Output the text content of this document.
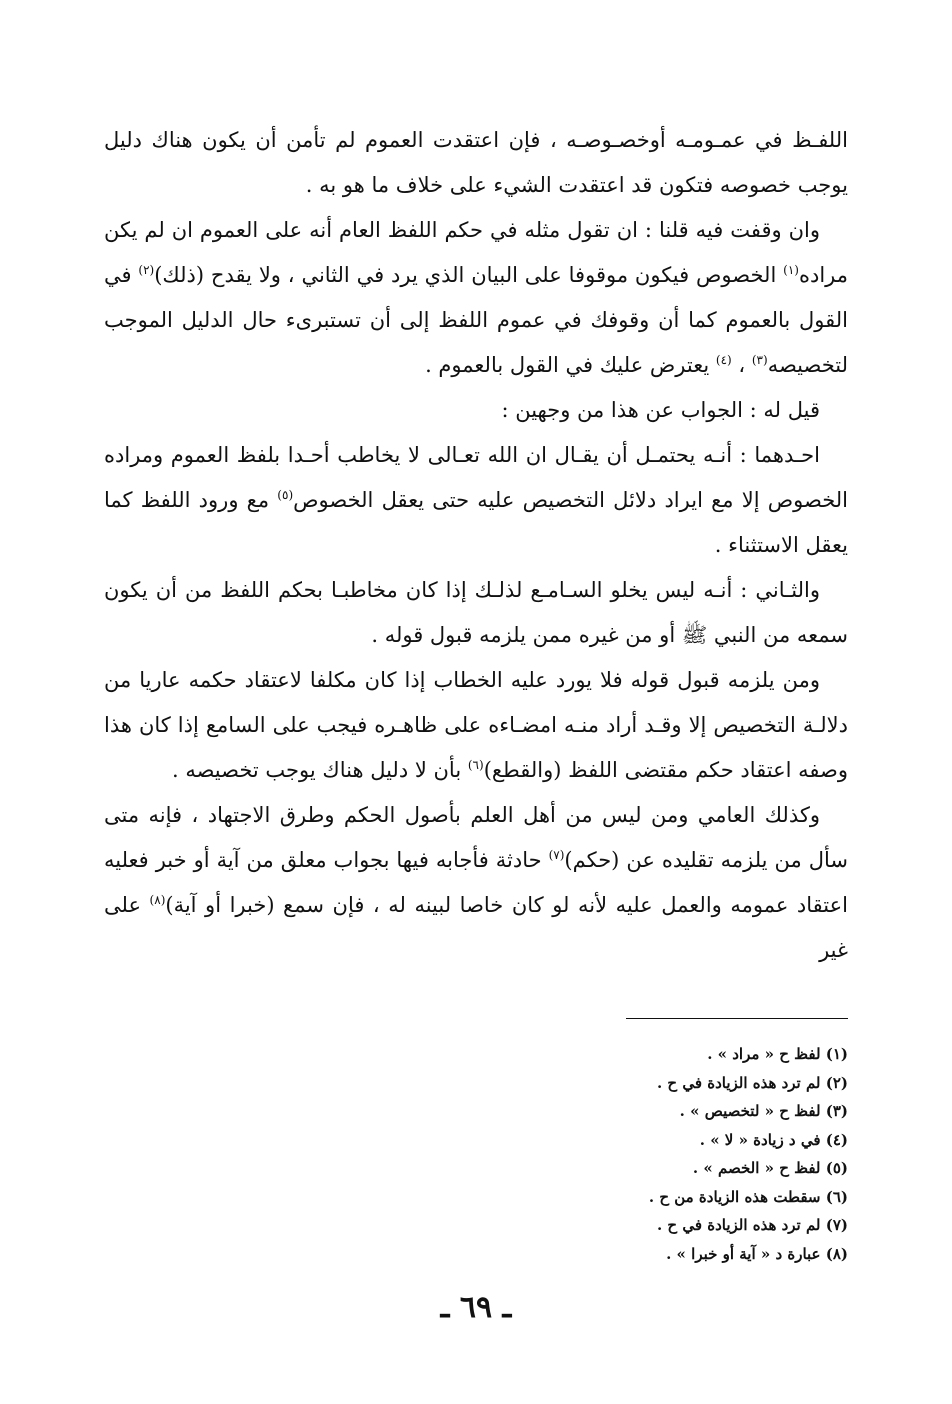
اللفـظ في عمـومـه أوخصـوصـه ، فإن اعتقدت العموم لم تأمن أن يكون هناك دليل يوجب خصوصه فتكون قد اعتقدت الشيء على خلاف ما هو به .

وان وقفت فيه قلنا : ان تقول مثله في حكم اللفظ العام أنه على العموم ان لم يكن مراده$^{(١)}$ الخصوص فيكون موقوفا على البيان الذي يرد في الثاني ، ولا يقدح (ذلك)$^{(٢)}$ في القول بالعموم كما أن وقوفك في عموم اللفظ إلى أن تستبرىء حال الدليل الموجب لتخصيصه$^{(٣)}$ ، $^{(٤)}$ يعترض عليك في القول بالعموم .

قيل له : الجواب عن هذا من وجهين :

احـدهما : أنـه يحتمـل أن يقـال ان الله تعـالى لا يخاطب أحـدا بلفظ العموم ومراده الخصوص إلا مع ايراد دلائل التخصيص عليه حتى يعقل الخصوص$^{(٥)}$ مع ورود اللفظ كما يعقل الاستثناء .

والثـاني : أنـه ليس يخلو السـامـع لذلـك إذا كان مخاطبـا بحكم اللفظ من أن يكون سمعه من النبي ﷺ أو من غيره ممن يلزمه قبول قوله .

ومن يلزمه قبول قوله فلا يورد عليه الخطاب إذا كان مكلفا لاعتقاد حكمه عاريا من دلالـة التخصيص إلا وقـد أراد منـه امضـاءه على ظاهـره فيجب على السامع إذا كان هذا وصفه اعتقاد حكم مقتضى اللفظ (والقطع)$^{(٦)}$ بأن لا دليل هناك يوجب تخصيصه .

وكذلك العامي ومن ليس من أهل العلم بأصول الحكم وطرق الاجتهاد ، فإنه متى سأل من يلزمه تقليده عن (حكم)$^{(٧)}$ حادثة فأجابه فيها بجواب معلق من آية أو خبر فعليه اعتقاد عمومه والعمل عليه لأنه لو كان خاصا لبينه له ، فإن سمع (خبرا أو آية)$^{(٨)}$ على غير

(١) لفظ ح « مراد » .
(٢) لم ترد هذه الزيادة في ح .
(٣) لفظ ح « لتخصيص » .
(٤) في د زيادة « لا » .
(٥) لفظ ح « الخصم » .
(٦) سقطت هذه الزيادة من ح .
(٧) لم ترد هذه الزيادة في ح .
(٨) عبارة د « آية أو خبرا » .
ـ ٦٩ ـ
